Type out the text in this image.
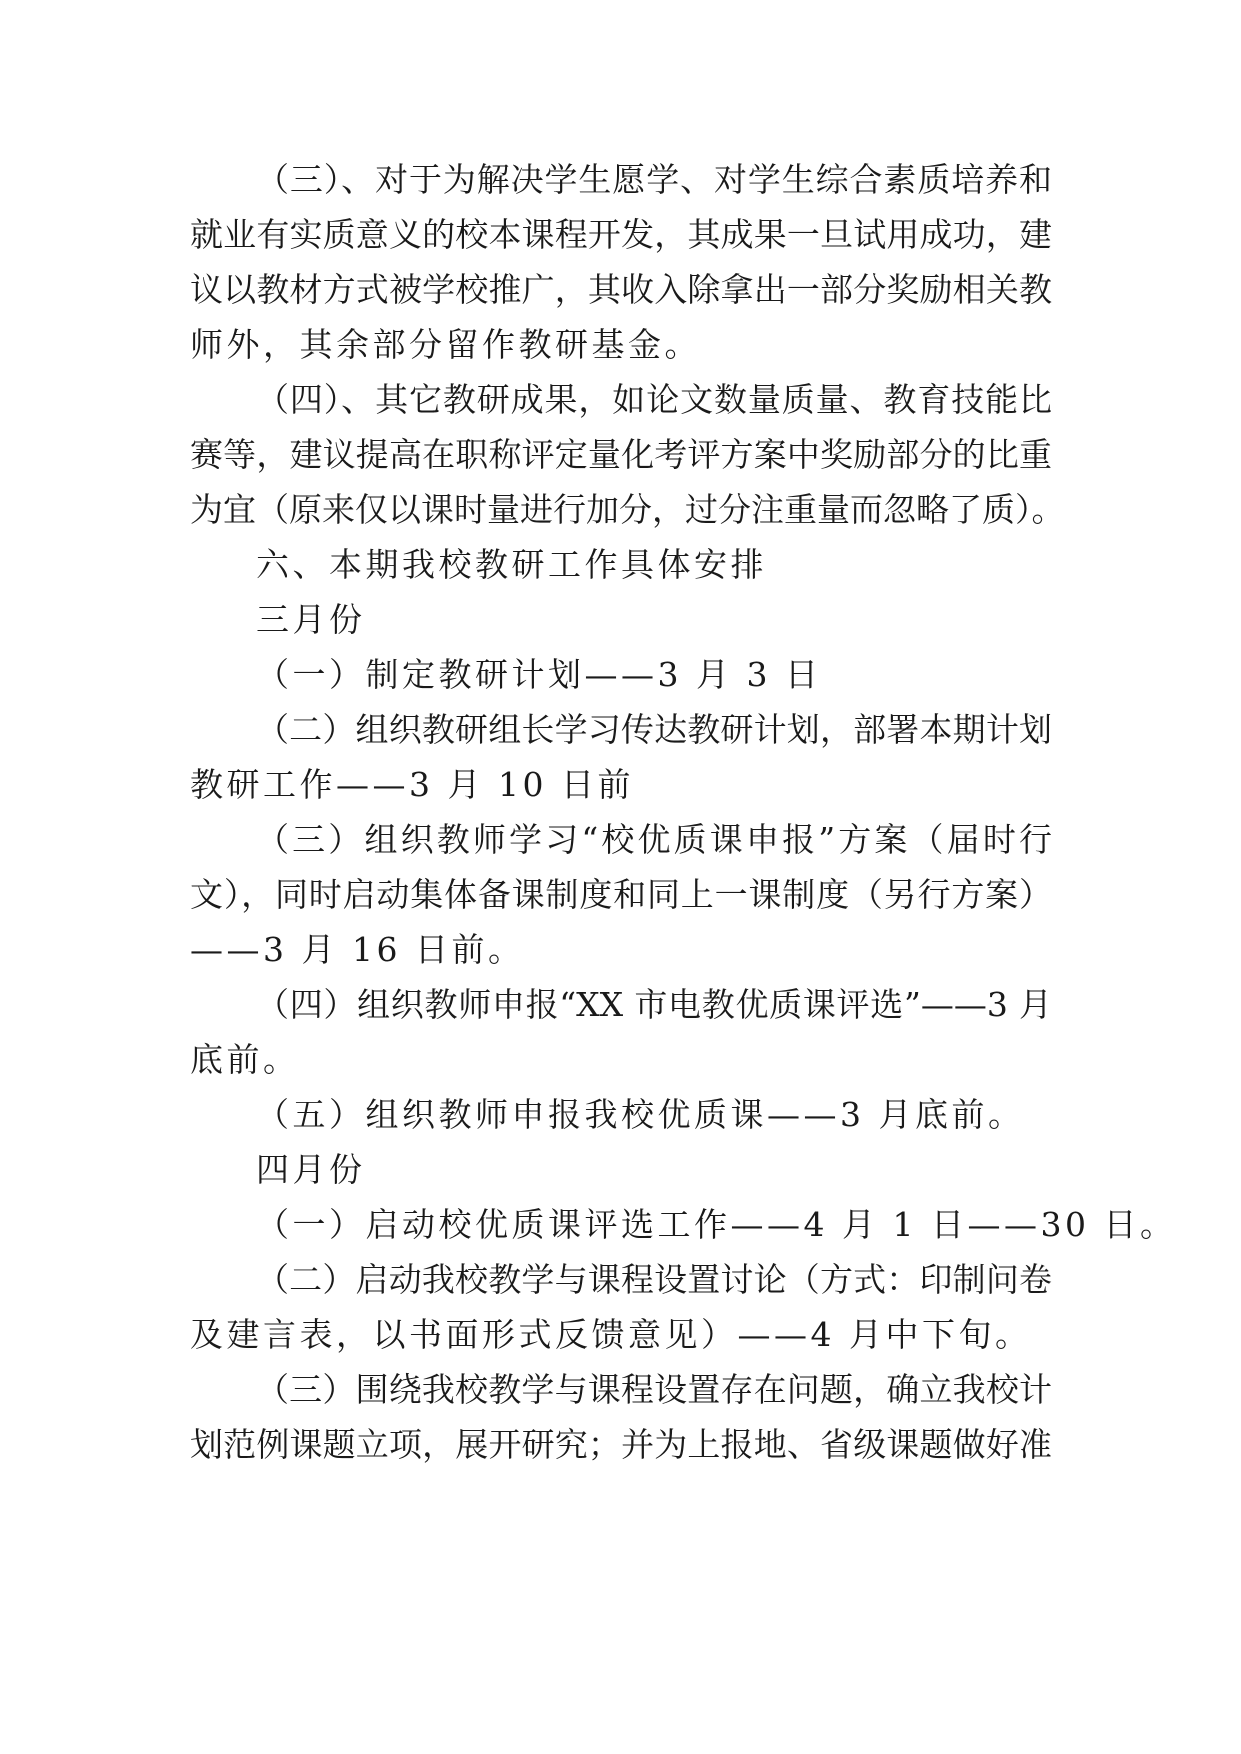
（三）、对于为解决学生愿学、对学生综合素质培养和
就业有实质意义的校本课程开发，其成果一旦试用成功，建
议以教材方式被学校推广，其收入除拿出一部分奖励相关教
师外，其余部分留作教研基金。
（四）、其它教研成果，如论文数量质量、教育技能比
赛等，建议提高在职称评定量化考评方案中奖励部分的比重
为宜（原来仅以课时量进行加分，过分注重量而忽略了质）。
六、本期我校教研工作具体安排
三月份
（一）制定教研计划——3 月 3 日
（二）组织教研组长学习传达教研计划，部署本期计划
教研工作——3 月 10 日前
（三）组织教师学习“校优质课申报”方案（届时行
文），同时启动集体备课制度和同上一课制度（另行方案）
——3 月 16 日前。
（四）组织教师申报“XX 市电教优质课评选”——3 月
底前。
（五）组织教师申报我校优质课——3 月底前。
四月份
（一）启动校优质课评选工作——4 月 1 日——30 日。
（二）启动我校教学与课程设置讨论（方式：印制问卷
及建言表，以书面形式反馈意见）——4 月中下旬。
（三）围绕我校教学与课程设置存在问题，确立我校计
划范例课题立项，展开研究；并为上报地、省级课题做好准
